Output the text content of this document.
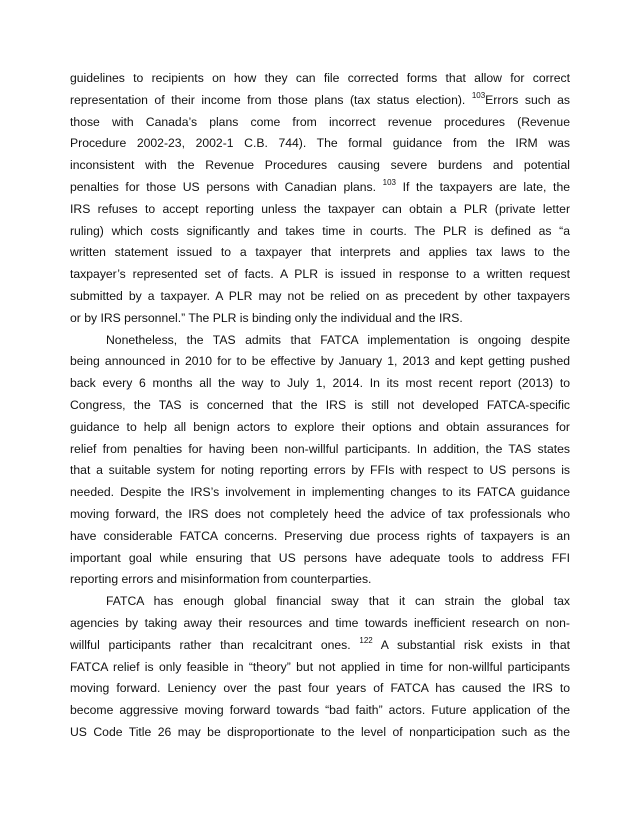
guidelines to recipients on how they can file corrected forms that allow for correct
representation of their income from those plans (tax status election). $^{103}$Errors such as
those with Canada’s plans come from incorrect revenue procedures (Revenue
Procedure 2002-23, 2002-1 C.B. 744). The formal guidance from the IRM was
inconsistent with the Revenue Procedures causing severe burdens and potential
penalties for those US persons with Canadian plans. $^{103}$ If the taxpayers are late, the
IRS refuses to accept reporting unless the taxpayer can obtain a PLR (private letter
ruling) which costs significantly and takes time in courts. The PLR is defined as “a
written statement issued to a taxpayer that interprets and applies tax laws to the
taxpayer’s represented set of facts. A PLR is issued in response to a written request
submitted by a taxpayer. A PLR may not be relied on as precedent by other taxpayers
or by IRS personnel.” The PLR is binding only the individual and the IRS.
Nonetheless, the TAS admits that FATCA implementation is ongoing despite
being announced in 2010 for to be effective by January 1, 2013 and kept getting pushed
back every 6 months all the way to July 1, 2014. In its most recent report (2013) to
Congress, the TAS is concerned that the IRS is still not developed FATCA-specific
guidance to help all benign actors to explore their options and obtain assurances for
relief from penalties for having been non-willful participants. In addition, the TAS states
that a suitable system for noting reporting errors by FFIs with respect to US persons is
needed. Despite the IRS’s involvement in implementing changes to its FATCA guidance
moving forward, the IRS does not completely heed the advice of tax professionals who
have considerable FATCA concerns. Preserving due process rights of taxpayers is an
important goal while ensuring that US persons have adequate tools to address FFI
reporting errors and misinformation from counterparties.
FATCA has enough global financial sway that it can strain the global tax
agencies by taking away their resources and time towards inefficient research on non-
willful participants rather than recalcitrant ones. $^{122}$ A substantial risk exists in that
FATCA relief is only feasible in “theory” but not applied in time for non-willful participants
moving forward. Leniency over the past four years of FATCA has caused the IRS to
become aggressive moving forward towards “bad faith” actors. Future application of the
US Code Title 26 may be disproportionate to the level of nonparticipation such as the
